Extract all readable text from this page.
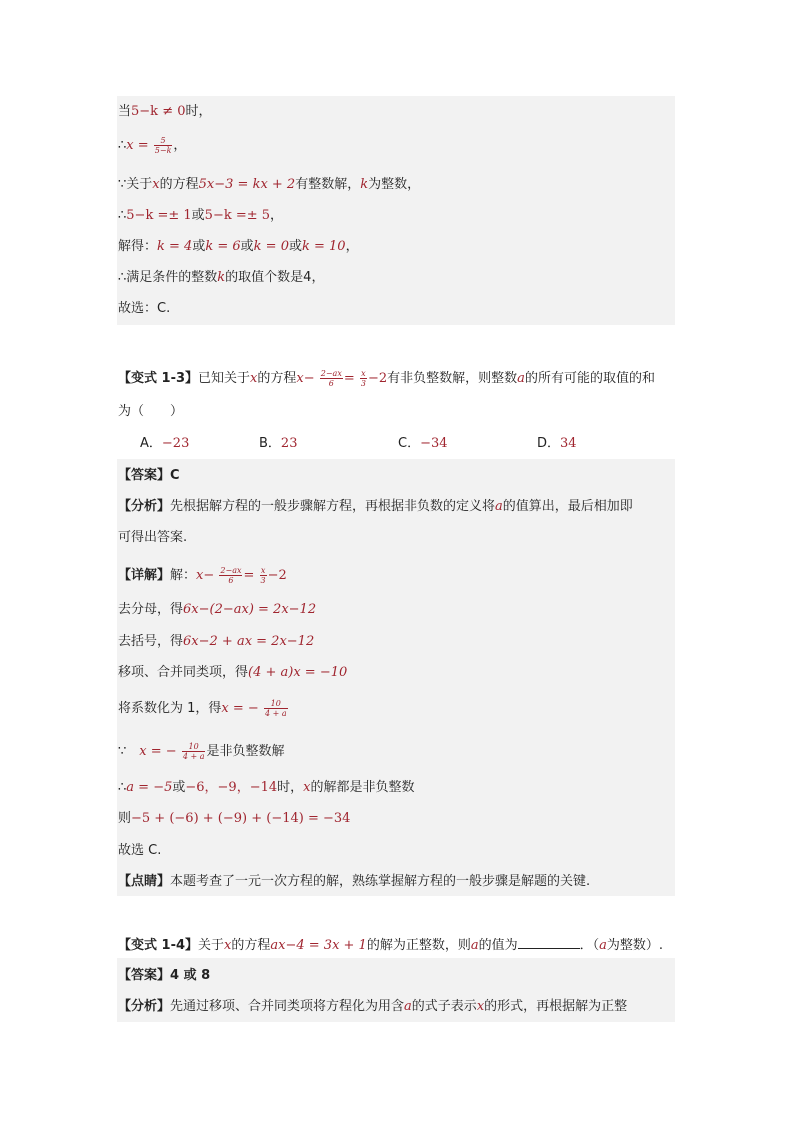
当5−k ≠ 0时，
∴x = $\frac{5}{5-k}$ ，
∵关于x的方程5x−3 = kx + 2有整数解，k为整数，
∴5−k =± 1或5−k =± 5，
解得：k = 4或k = 6或k = 0或k = 10，
∴满足条件的整数k的取值个数是4，
故选：C.
【变式 1-3】已知关于x的方程$x- \frac{2-ax}{6} = \frac{x}{3} -2$有非负整数解，则整数a的所有可能的取值的和
为（　　）
A．−23	B．23	C．−34	D．34
【答案】C
【分析】先根据解方程的一般步骤解方程，再根据非负数的定义将a的值算出，最后相加即
可得出答案.
【详解】解：$x- \frac{2-ax}{6} = \frac{x}{3} -2$
去分母，得6x−(2−ax) = 2x−12
去括号，得6x−2 + ax = 2x−12
移项、合并同类项，得(4 + a)x = −10
将系数化为 1，得x = − $\frac{10}{4 + a}$
∵　x = − $\frac{10}{4 + a}$ 是非负整数解
∴a = −5或−6，−9，−14时，x的解都是非负整数
则−5 + (−6) + (−9) + (−14) = −34
故选 C.
【点睛】本题考查了一元一次方程的解，熟练掌握解方程的一般步骤是解题的关键.
【变式 1-4】关于x的方程ax−4 = 3x + 1的解为正整数，则a的值为	．（a为整数）.
【答案】4 或 8
【分析】先通过移项、合并同类项将方程化为用含a的式子表示x的形式，再根据解为正整
